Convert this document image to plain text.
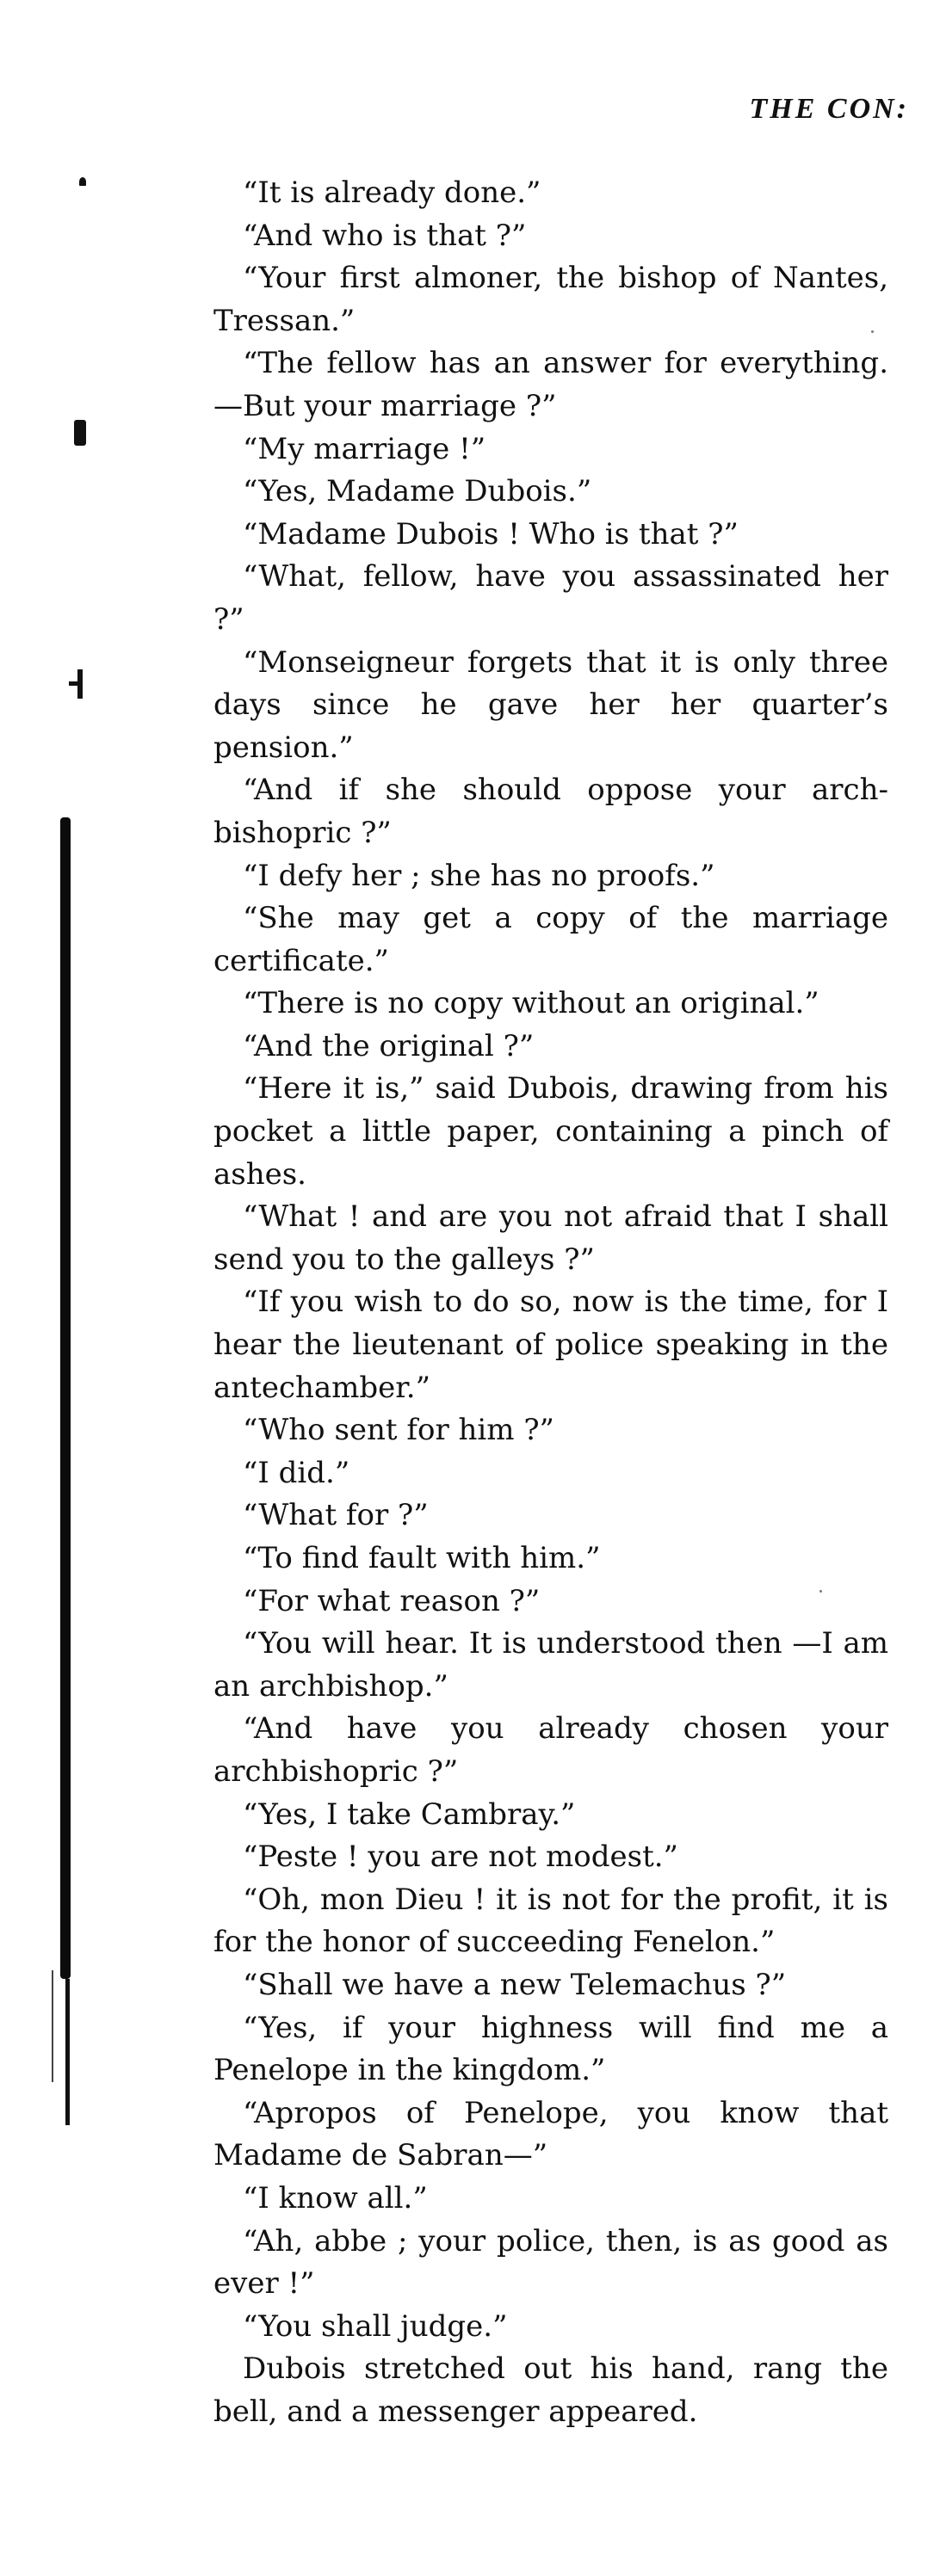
THE CON:

“It is already done.”

“And who is that ?”

“Your first almoner, the bishop of Nantes, Tressan.”

“The fellow has an answer for everything.—But your marriage ?”

“My marriage !”

“Yes, Madame Dubois.”

“Madame Dubois ! Who is that ?”

“What, fellow, have you assassinated her ?”

“Monseigneur forgets that it is only three days since he gave her her quarter’s pension.”

“And if she should oppose your archbishopric ?”

“I defy her ; she has no proofs.”

“She may get a copy of the marriage certificate.”

“There is no copy without an original.”

“And the original ?”

“Here it is,” said Dubois, drawing from his pocket a little paper, containing a pinch of ashes.

“What ! and are you not afraid that I shall send you to the galleys ?”

“If you wish to do so, now is the time, for I hear the lieutenant of police speaking in the antechamber.”

“Who sent for him ?”

“I did.”

“What for ?”

“To find fault with him.”

“For what reason ?”

“You will hear. It is understood then —I am an archbishop.”

“And have you already chosen your archbishopric ?”

“Yes, I take Cambray.”

“Peste ! you are not modest.”

“Oh, mon Dieu ! it is not for the profit, it is for the honor of succeeding Fenelon.”

“Shall we have a new Telemachus ?”

“Yes, if your highness will find me a Penelope in the kingdom.”

“Apropos of Penelope, you know that Madame de Sabran—”

“I know all.”

“Ah, abbe ; your police, then, is as good as ever !”

“You shall judge.”

Dubois stretched out his hand, rang the bell, and a messenger appeared.
